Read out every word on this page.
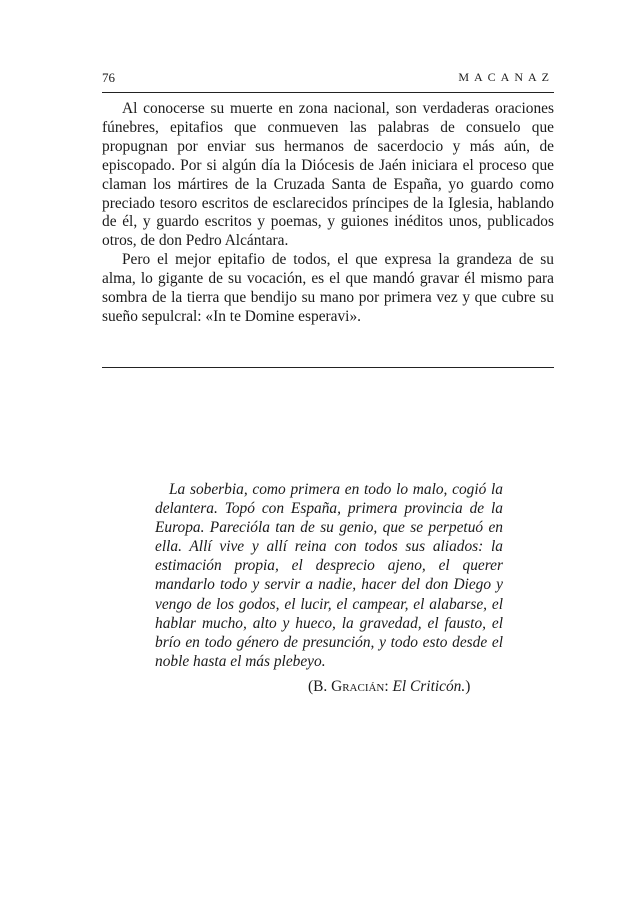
76	MACANAZ

Al conocerse su muerte en zona nacional, son verdaderas oraciones fúnebres, epitafios que conmueven las palabras de consuelo que propugnan por enviar sus hermanos de sacerdocio y más aún, de episcopado. Por si algún día la Diócesis de Jaén iniciara el proceso que claman los mártires de la Cruzada Santa de España, yo guardo como preciado tesoro escritos de esclarecidos príncipes de la Iglesia, hablando de él, y guardo escritos y poemas, y guiones inéditos unos, publicados otros, de don Pedro Alcántara.

Pero el mejor epitafio de todos, el que expresa la grandeza de su alma, lo gigante de su vocación, es el que mandó gravar él mismo para sombra de la tierra que bendijo su mano por primera vez y que cubre su sueño sepulcral: «In te Domine esperavi».

La soberbia, como primera en todo lo malo, cogió la delantera. Topó con España, primera provincia de la Europa. Parecióla tan de su genio, que se perpetuó en ella. Allí vive y allí reina con todos sus aliados: la estimación propia, el desprecio ajeno, el querer mandarlo todo y servir a nadie, hacer del don Diego y vengo de los godos, el lucir, el campear, el alabarse, el hablar mucho, alto y hueco, la gravedad, el fausto, el brío en todo género de presunción, y todo esto desde el noble hasta el más plebeyo.
(B. Gracián: El Criticón.)
